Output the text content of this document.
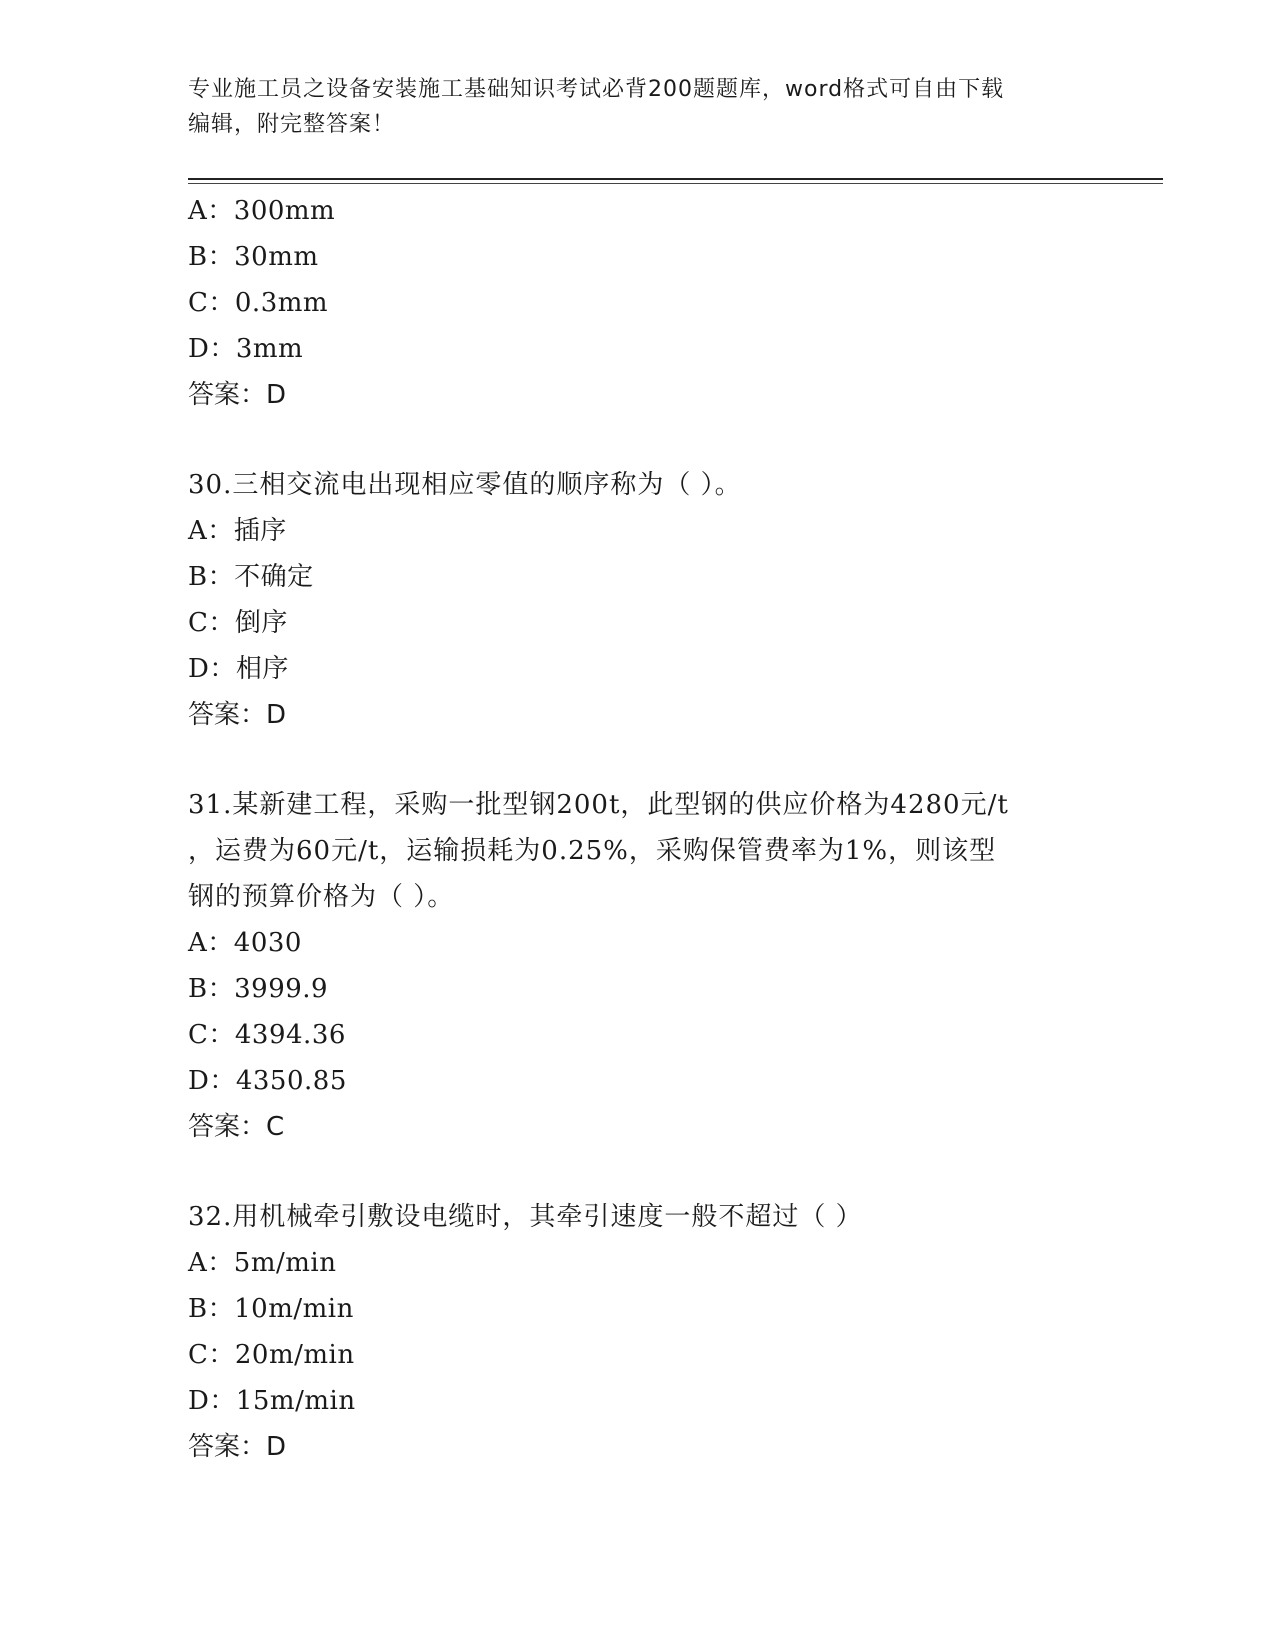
专业施工员之设备安装施工基础知识考试必背200题题库，word格式可自由下载
编辑，附完整答案！
A：300mm
B：30mm
C：0.3mm
D：3mm
答案：D
30.三相交流电出现相应零值的顺序称为（ ）。
A：插序
B：不确定
C：倒序
D：相序
答案：D
31.某新建工程，采购一批型钢200t，此型钢的供应价格为4280元/t
，运费为60元/t，运输损耗为0.25%，采购保管费率为1%，则该型
钢的预算价格为（ ）。
A：4030
B：3999.9
C：4394.36
D：4350.85
答案：C
32.用机械牵引敷设电缆时，其牵引速度一般不超过（ ）
A：5m/min
B：10m/min
C：20m/min
D：15m/min
答案：D
